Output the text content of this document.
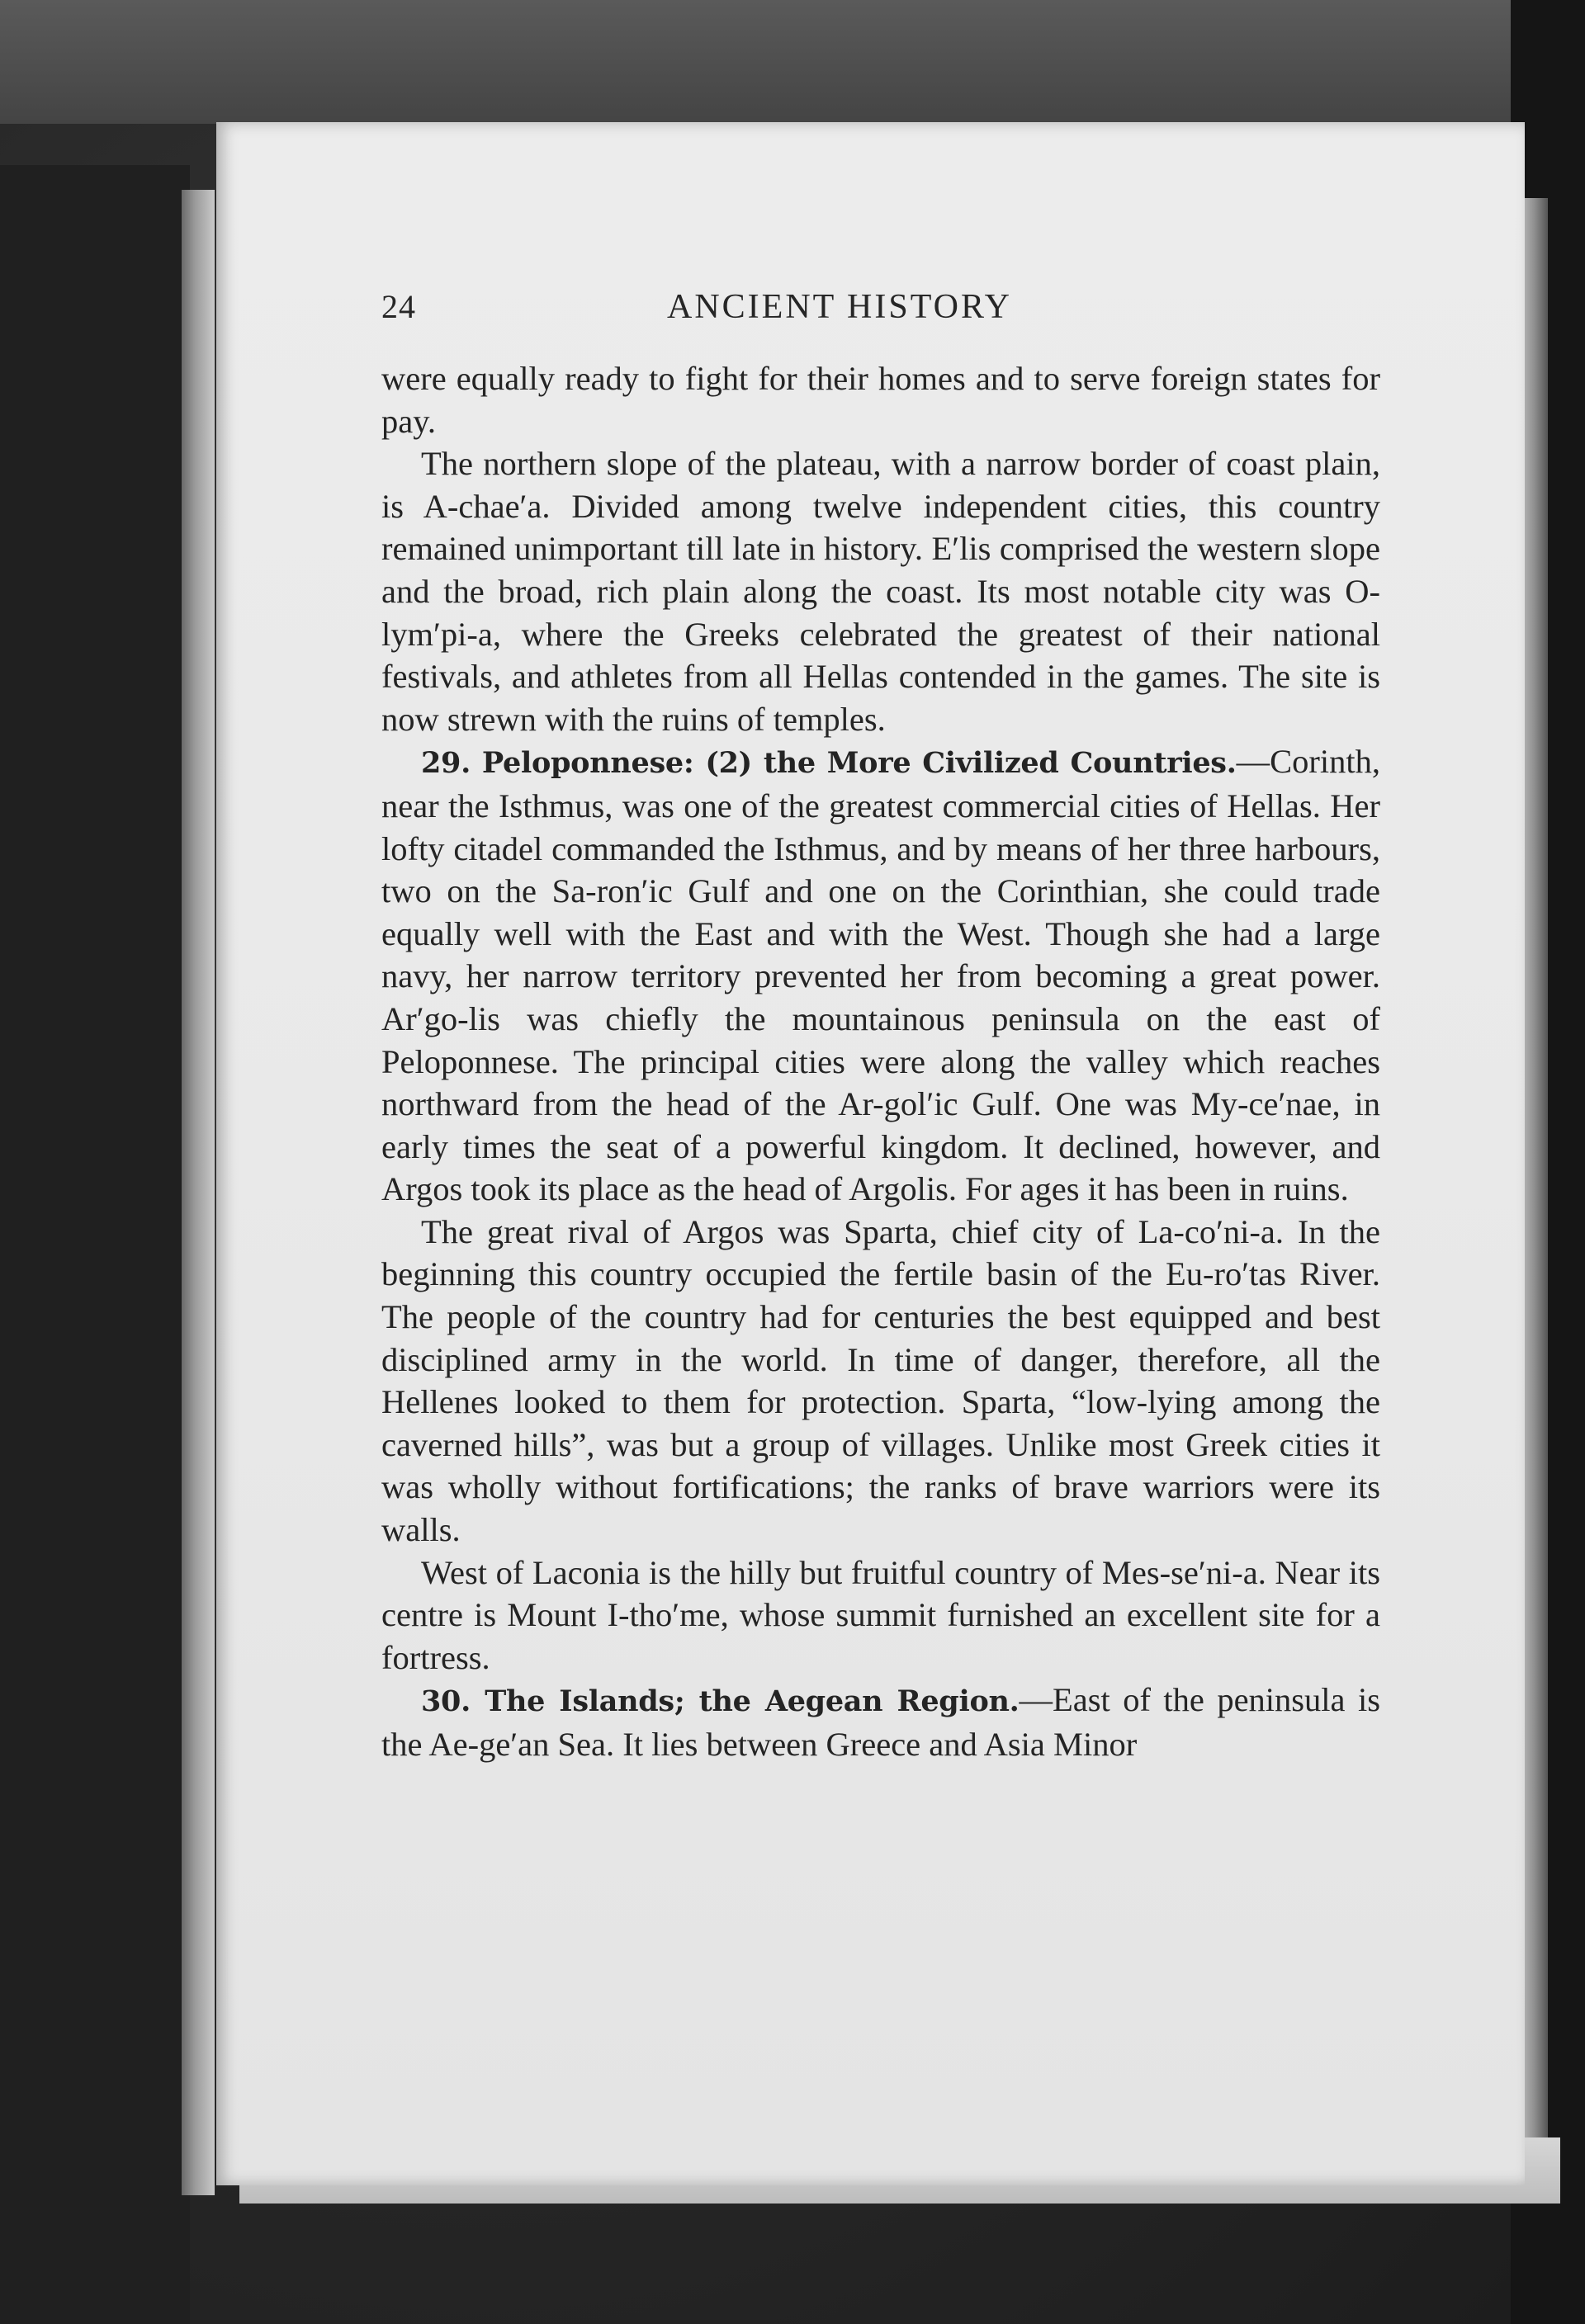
24	ANCIENT HISTORY

were equally ready to fight for their homes and to serve foreign states for pay.

The northern slope of the plateau, with a narrow border of coast plain, is A-chae′a. Divided among twelve independent cities, this country remained unimportant till late in history. E′lis comprised the western slope and the broad, rich plain along the coast. Its most notable city was O-lym′pi-a, where the Greeks celebrated the greatest of their national festivals, and athletes from all Hellas contended in the games. The site is now strewn with the ruins of temples.

29. Peloponnese: (2) the More Civilized Countries.—Corinth, near the Isthmus, was one of the greatest commercial cities of Hellas. Her lofty citadel commanded the Isthmus, and by means of her three harbours, two on the Sa-ron′ic Gulf and one on the Corinthian, she could trade equally well with the East and with the West. Though she had a large navy, her narrow territory prevented her from becoming a great power. Ar′go-lis was chiefly the mountainous peninsula on the east of Peloponnese. The principal cities were along the valley which reaches northward from the head of the Ar-gol′ic Gulf. One was My-ce′nae, in early times the seat of a powerful kingdom. It declined, however, and Argos took its place as the head of Argolis. For ages it has been in ruins.

The great rival of Argos was Sparta, chief city of La-co′ni-a. In the beginning this country occupied the fertile basin of the Eu-ro′tas River. The people of the country had for centuries the best equipped and best disciplined army in the world. In time of danger, therefore, all the Hellenes looked to them for protection. Sparta, “low-lying among the caverned hills”, was but a group of villages. Unlike most Greek cities it was wholly without fortifications; the ranks of brave warriors were its walls.

West of Laconia is the hilly but fruitful country of Mes-se′ni-a. Near its centre is Mount I-tho′me, whose summit furnished an excellent site for a fortress.

30. The Islands; the Aegean Region.—East of the peninsula is the Ae-ge′an Sea. It lies between Greece and Asia Minor
